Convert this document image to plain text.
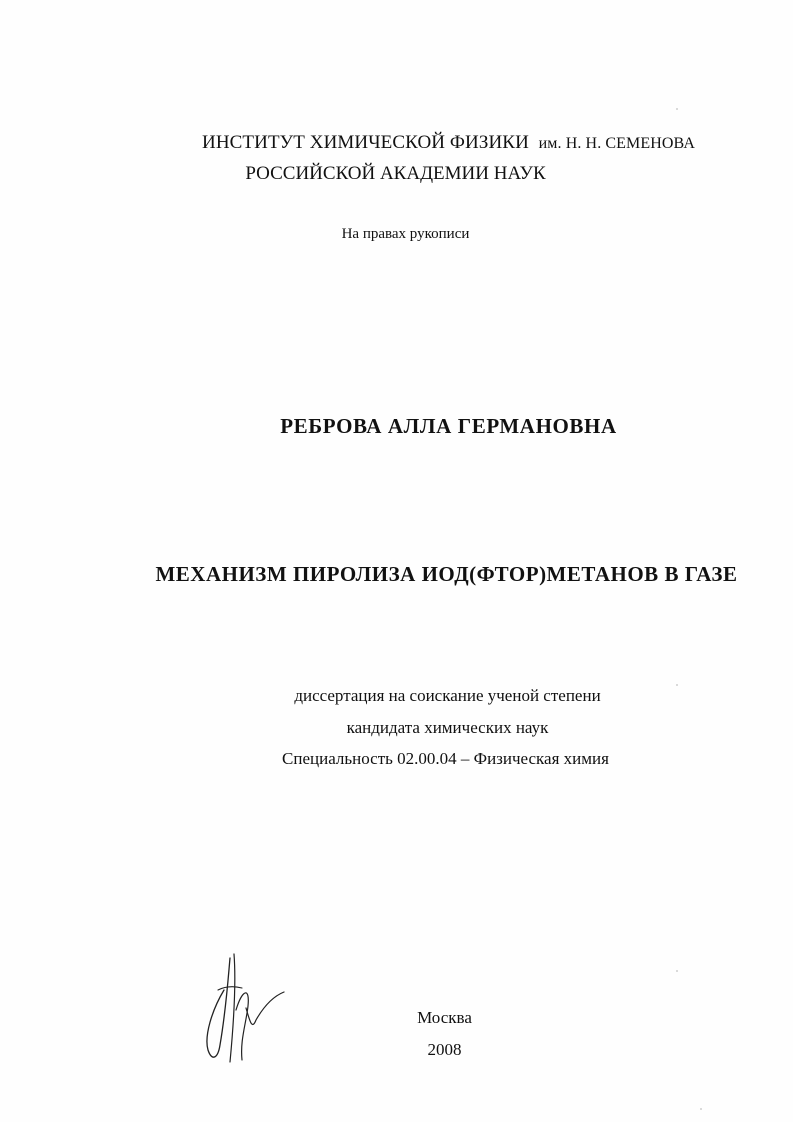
ИНСТИТУТ ХИМИЧЕСКОЙ ФИЗИКИ им. Н. Н. СЕМЕНОВА
РОССИЙСКОЙ АКАДЕМИИ НАУК
На правах рукописи
РЕБРОВА АЛЛА ГЕРМАНОВНА
МЕХАНИЗМ ПИРОЛИЗА ИОД(ФТОР)МЕТАНОВ В ГАЗЕ
диссертация на соискание ученой степени
кандидата химических наук
Специальность 02.00.04 – Физическая химия
Москва
2008
